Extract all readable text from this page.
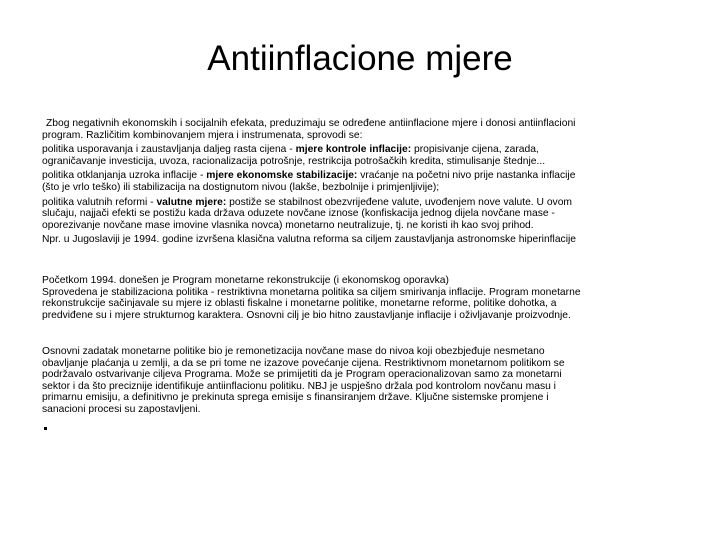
Antiinflacione mjere
Zbog negativnih ekonomskih i socijalnih efekata, preduzimaju se određene antiinflacione mjere i donosi antiinflacioni
program. Različitim kombinovanjem mjera i instrumenata, sprovodi se:
politika usporavanja i zaustavljanja daljeg rasta cijena - mjere kontrole inflacije: propisivanje cijena, zarada,
ograničavanje investicija, uvoza, racionalizacija potrošnje, restrikcija potrošačkih kredita, stimulisanje štednje...
politika otklanjanja uzroka inflacije - mjere ekonomske stabilizacije: vraćanje na početni nivo prije nastanka inflacije
(što je vrlo teško) ili stabilizacija na dostignutom nivou (lakše, bezbolnije i primjenljivije);
politika valutnih reformi - valutne mjere: postiže se stabilnost obezvrijeđene valute, uvođenjem nove valute. U ovom
slučaju, najjači efekti se postižu kada država oduzete novčane iznose (konfiskacija jednog dijela novčane mase -
oporezivanje novčane mase imovine vlasnika novca) monetarno neutralizuje, tj. ne koristi ih kao svoj prihod.
Npr. u Jugoslaviji je 1994. godine izvršena klasična valutna reforma sa ciljem zaustavljanja astronomske hiperinflacije
Početkom 1994. donešen je Program monetarne rekonstrukcije (i ekonomskog oporavka)
Sprovedena je stabilizaciona politika - restriktivna monetarna politika sa ciljem smirivanja inflacije. Program monetarne
rekonstrukcije sačinjavale su mjere iz oblasti fiskalne i monetarne politike, monetarne reforme, politike dohotka, a
predviđene su i mjere strukturnog karaktera. Osnovni cilj je bio hitno zaustavljanje inflacije i oživljavanje proizvodnje.
Osnovni zadatak monetarne politike bio je remonetizacija novčane mase do nivoa koji obezbjeđuje nesmetano
obavljanje plaćanja u zemlji, a da se pri tome ne izazove povećanje cijena. Restriktivnom monetarnom politikom se
podržavalo ostvarivanje ciljeva Programa. Može se primijetiti da je Program operacionalizovan samo za monetarni
sektor i da što preciznije identifikuje antiinflacionu politiku. NBJ je uspješno držala pod kontrolom novčanu masu i
primarnu emisiju, a definitivno je prekinuta sprega emisije s finansiranjem države. Ključne sistemske promjene i
sanacioni procesi su zapostavljeni.
